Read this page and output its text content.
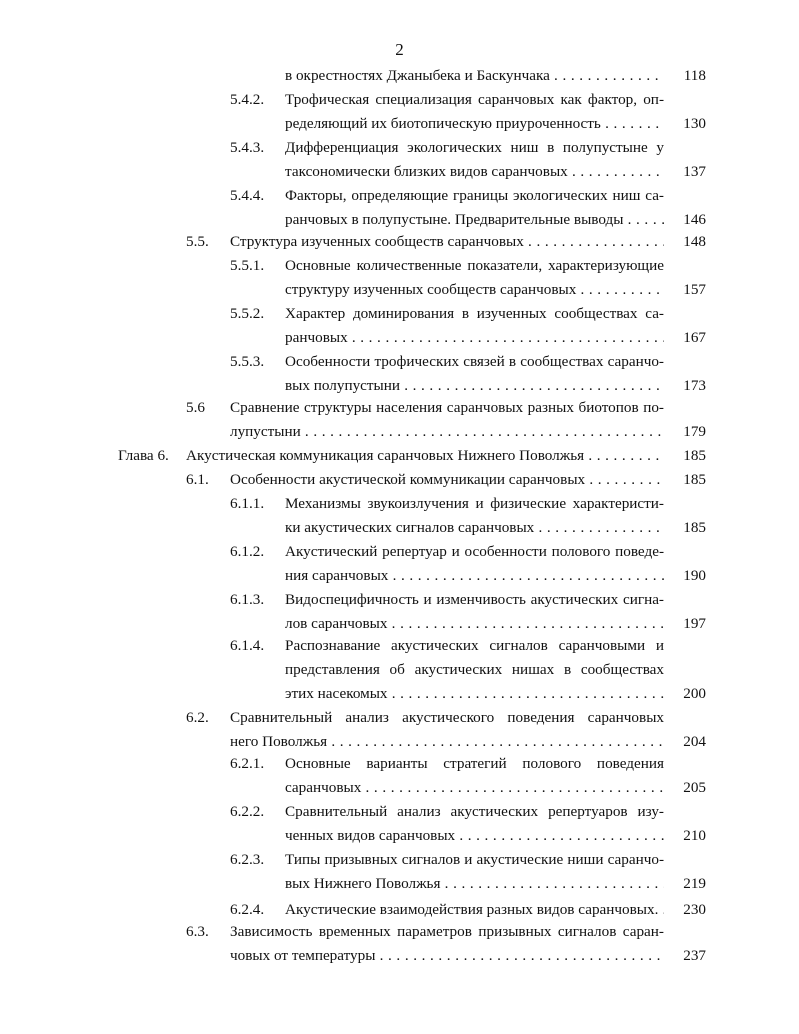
2
в окрестностях Джаныбека и Баскунчака . . .	118
5.4.2. Трофическая специализация саранчовых как фактор, оп-
ределяющий их биотопическую приуроченность . . .	130
5.4.3. Дифференциация экологических ниш в полупустыне у
таксономически близких видов саранчовых . . .	137
5.4.4. Факторы, определяющие границы экологических ниш са-
ранчовых в полупустыне. Предварительные выводы . . .	146
5.5. Структура изученных сообществ саранчовых . . .	148
5.5.1. Основные количественные показатели, характеризующие
структуру изученных сообществ саранчовых . . .	157
5.5.2. Характер доминирования в изученных сообществах са-
ранчовых . . .	167
5.5.3. Особенности трофических связей в сообществах саранчо-
вых полупустыни . . .	173
5.6 Сравнение структуры населения саранчовых разных биотопов по-
лупустыни . . .	179
Глава 6. Акустическая коммуникация саранчовых Нижнего Поволжья . . .	185
6.1. Особенности акустической коммуникации саранчовых . . .	185
6.1.1. Механизмы звукоизлучения и физические характеристи-
ки акустических сигналов саранчовых . . .	185
6.1.2. Акустический репертуар и особенности полового поведе-
ния саранчовых . . .	190
6.1.3. Видоспецифичность и изменчивость акустических сигна-
лов саранчовых . . .	197
6.1.4. Распознавание акустических сигналов саранчовыми и
представления об акустических нишах в сообществах
этих насекомых . . .	200
6.2. Сравнительный анализ акустического поведения саранчовых
него Поволжья . . .	204
6.2.1. Основные варианты стратегий полового поведения
саранчовых . . .	205
6.2.2. Сравнительный анализ акустических репертуаров изу-
ченных видов саранчовых . . .	210
6.2.3. Типы призывных сигналов и акустические ниши саранчо-
вых Нижнего Поволжья . . .	219
6.2.4. Акустические взаимодействия разных видов саранчовых. . . .	230
6.3. Зависимость временных параметров призывных сигналов саран-
човых от температуры . . .	237
